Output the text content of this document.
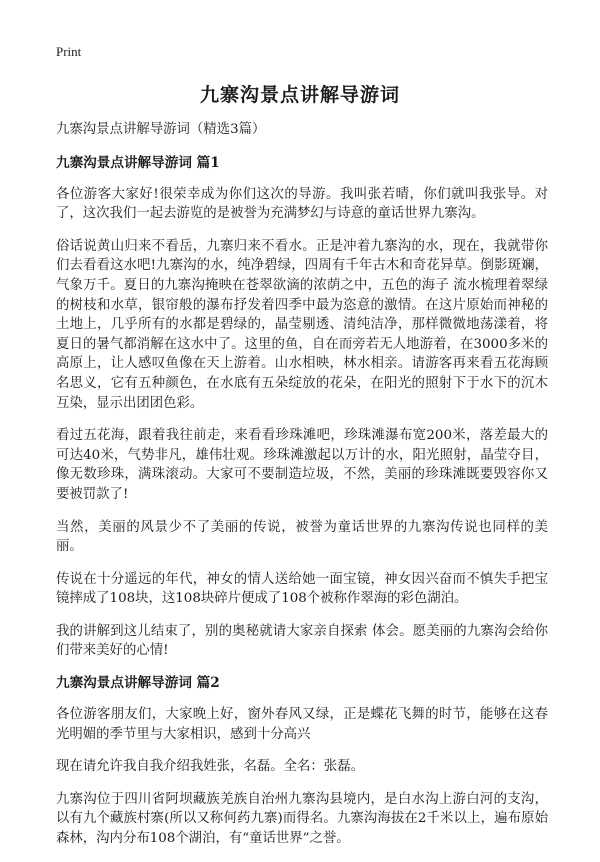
Print
九寨沟景点讲解导游词

九寨沟景点讲解导游词（精选3篇）

九寨沟景点讲解导游词 篇1

各位游客大家好!很荣幸成为你们这次的导游。我叫张若晴，你们就叫我张导。对了，这次我们一起去游览的是被誉为充满梦幻与诗意的童话世界九寨沟。

俗话说黄山归来不看岳，九寨归来不看水。正是冲着九寨沟的水，现在，我就带你们去看看这水吧!九寨沟的水，纯净碧绿，四周有千年古木和奇花异草。倒影斑斓，气象万千。夏日的九寨沟掩映在苍翠欲滴的浓荫之中，五色的海子 流水梳理着翠绿的树枝和水草，银帘般的瀑布抒发着四季中最为恣意的激情。在这片原始而神秘的土地上，几乎所有的水都是碧绿的，晶莹剔透、清纯洁净，那样微微地荡漾着，将夏日的暑气都消解在这水中了。这里的鱼，自在而旁若无人地游着，在3000多米的高原上，让人感叹鱼像在天上游着。山水相映，林水相亲。请游客再来看五花海顾名思义，它有五种颜色，在水底有五朵绽放的花朵，在阳光的照射下于水下的沉木互染，显示出团团色彩。

看过五花海，跟着我往前走，来看看珍珠滩吧，珍珠滩瀑布宽200米，落差最大的可达40米，气势非凡，雄伟壮观。珍珠滩激起以万计的水，阳光照射，晶莹夺目，像无数珍珠，满珠滚动。大家可不要制造垃圾，不然，美丽的珍珠滩既要毁容你又要被罚款了!

当然，美丽的风景少不了美丽的传说，被誉为童话世界的九寨沟传说也同样的美丽。

传说在十分遥远的年代，神女的情人送给她一面宝镜，神女因兴奋而不慎失手把宝镜摔成了108块，这108块碎片便成了108个被称作翠海的彩色湖泊。

我的讲解到这儿结束了，别的奥秘就请大家亲自探索 体会。愿美丽的九寨沟会给你们带来美好的心情!

九寨沟景点讲解导游词 篇2

各位游客朋友们，大家晚上好，窗外春风又绿，正是蝶花飞舞的时节，能够在这春光明媚的季节里与大家相识，感到十分高兴

现在请允许我自我介绍我姓张，名磊。全名：张磊。

九寨沟位于四川省阿坝藏族羌族自治州九寨沟县境内，是白水沟上游白河的支沟，以有九个藏族村寨(所以又称何药九寨)而得名。九寨沟海拔在2千米以上，遍布原始森林，沟内分布108个湖泊，有“童话世界”之誉。
